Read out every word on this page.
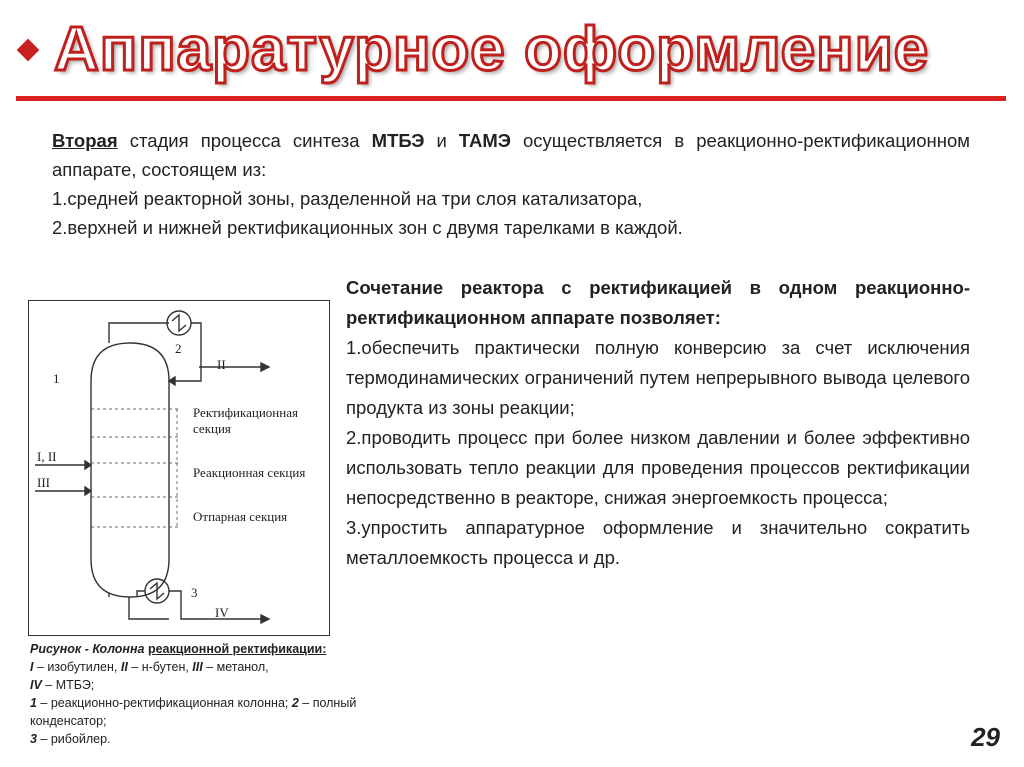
Аппаратурное оформление

Вторая стадия процесса синтеза МТБЭ и ТАМЭ осуществляется в реакционно-ректификационном аппарате, состоящем из:

1.средней реакторной зоны, разделенной на три слоя катализатора,

2.верхней и нижней ректификационных зон с двумя тарелками в каждой.

Сочетание реактора с ректификацией в одном реакционно-ректификационном аппарате позволяет:

1.обеспечить практически полную конверсию за счет исключения термодинамических ограничений путем непрерывного вывода целевого продукта из зоны реакции;

2.проводить процесс при более низком давлении и более эффективно использовать тепло реакции для проведения процессов ректификации непосредственно в реакторе, снижая энергоемкость процесса;

3.упростить аппаратурное оформление и значительно сократить металлоемкость процесса и др.

1
2
3
II
I, II
III
IV
Ректификационная секция
Реакционная секция
Отпарная секция

Рисунок - Колонна реакционной ректификации:

I – изобутилен, II – н-бутен, III – метанол,

IV – МТБЭ;

1 – реакционно-ректификационная колонна; 2 – полный конденсатор;

3 – рибойлер.	29
